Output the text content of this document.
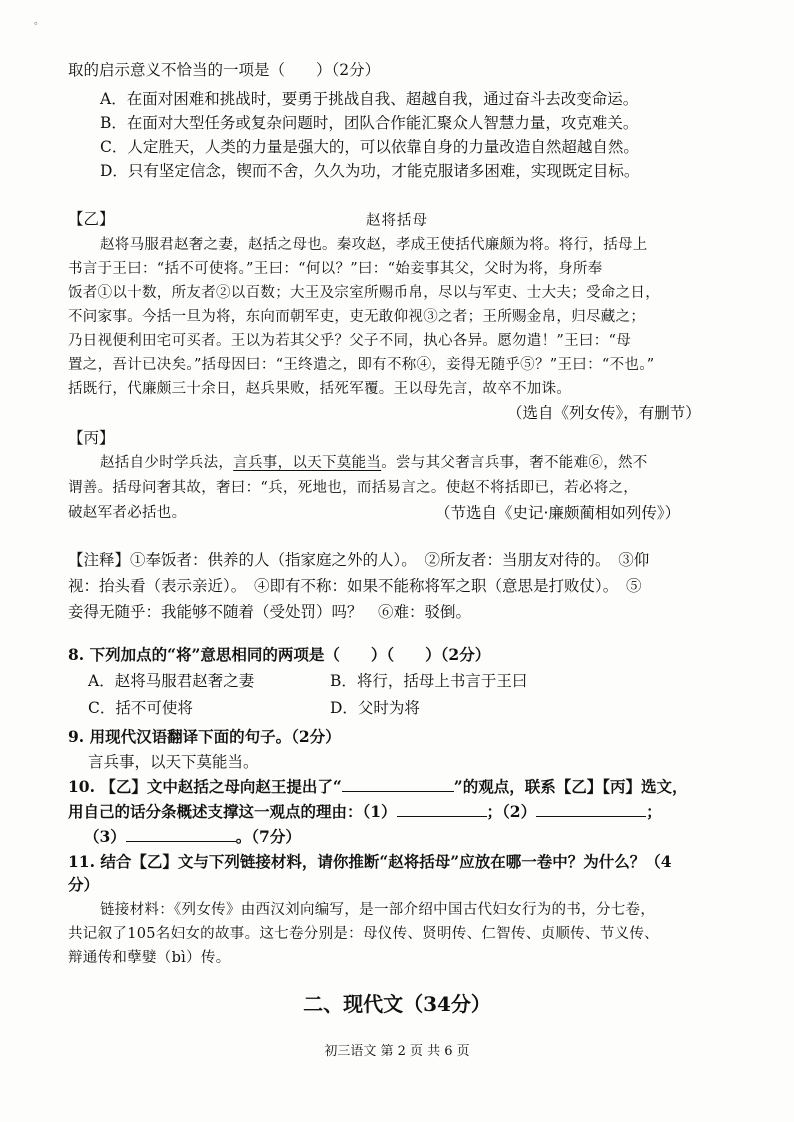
。
取的启示意义不恰当的一项是（　　）（2分）
A．在面对困难和挑战时，要勇于挑战自我、超越自我，通过奋斗去改变命运。
B．在面对大型任务或复杂问题时，团队合作能汇聚众人智慧力量，攻克难关。
C．人定胜天，人类的力量是强大的，可以依靠自身的力量改造自然超越自然。
D．只有坚定信念，锲而不舍，久久为功，才能克服诸多困难，实现既定目标。
【乙】	赵将括母
赵将马服君赵奢之妻，赵括之母也。秦攻赵，孝成王使括代廉颇为将。将行，括母上
书言于王曰：“括不可使将。”王曰：“何以？”曰：“始妾事其父，父时为将，身所奉
饭者①以十数，所友者②以百数；大王及宗室所赐币帛，尽以与军吏、士大夫；受命之日，
不问家事。今括一旦为将，东向而朝军吏，吏无敢仰视③之者；王所赐金帛，归尽藏之；
乃日视便利田宅可买者。王以为若其父乎？父子不同，执心各异。愿勿遣！”王曰：“母
置之，吾计已决矣。”括母因曰：“王终遣之，即有不称④，妾得无随乎⑤？”王曰：“不也。”
括既行，代廉颇三十余日，赵兵果败，括死军覆。王以母先言，故卒不加诛。
（选自《列女传》，有删节）
【丙】
赵括自少时学兵法，言兵事，以天下莫能当。尝与其父奢言兵事，奢不能难⑥，然不
谓善。括母问奢其故，奢曰：“兵，死地也，而括易言之。使赵不将括即已，若必将之，
破赵军者必括也。	（节选自《史记·廉颇蔺相如列传》）
【注释】①奉饭者：供养的人（指家庭之外的人）。　②所友者：当朋友对待的。　③仰
视：抬头看（表示亲近）。　④即有不称：如果不能称将军之职（意思是打败仗）。　⑤
妾得无随乎：我能够不随着（受处罚）吗？　⑥难：驳倒。
8. 下列加点的“将”意思相同的两项是（　　）（　　）（2分）
A．赵将马服君赵奢之妻	B．将行，括母上书言于王曰
C．括不可使将	D．父时为将
9. 用现代汉语翻译下面的句子。（2分）
言兵事，以天下莫能当。
10. 【乙】文中赵括之母向赵王提出了“	”的观点，联系【乙】【丙】选文，
用自己的话分条概述支撑这一观点的理由：（1）	；（2）	；
（3）	。（7分）
11. 结合【乙】文与下列链接材料，请你推断“赵将括母”应放在哪一卷中？为什么？（4
分）
链接材料：《列女传》由西汉刘向编写，是一部介绍中国古代妇女行为的书，分七卷，
共记叙了105名妇女的故事。这七卷分别是：母仪传、贤明传、仁智传、贞顺传、节义传、
辩通传和孽嬖（bì）传。
二、现代文（34分）
初三语文 第 2 页 共 6 页
